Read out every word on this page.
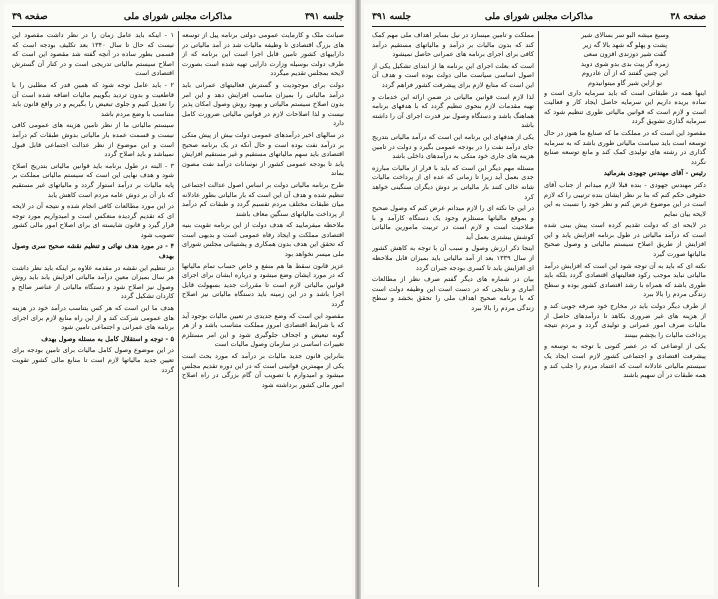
جلسه ۳۹۱
مذاکرات مجلس شورای ملی
صفحه ۳۹

صیانت ملک و کارمایت عمومی دولتی برنامه پیل از توسعه های بزرگ اقتصادی تا وظیفه مالیات شد در آمد مالیاتی در داراییهای کشور تامین قابل اجرا است این برنامه که از طرف دولت بوسیله وزارت دارایی تهیه شده است بصورت لایحه بمجلس تقدیم میگردد

دولت برای موجودیت و گسترش فعالیتهای عمرانی باید درآمد مالیاتی را بمیزان مناسب افزایش دهد و این امر بدون اصلاح سیستم مالیاتی و بهبود روش وصول امکان پذیر نیست و لذا اصلاحات لازم در قوانین مالیاتی ضرورت کامل دارد

در سالهای اخیر درآمدهای عمومی دولت بیش از پیش متکی بر درآمد نفت بوده است و حال آنکه در یک برنامه صحیح اقتصادی باید سهم مالیاتهای مستقیم و غیر مستقیم افزایش یابد تا بودجه عمومی کشور از نوسانات درآمد نفت مصون بماند

طرح برنامه مالیاتی دولت بر اساس اصول عدالت اجتماعی تنظیم شده و هدف آن این است که بار مالیاتی بطور عادلانه میان طبقات مختلف مردم تقسیم گردد و طبقات کم درآمد از پرداخت مالیاتهای سنگین معاف باشند

ملاحظه میفرمایید که هدف دولت از این برنامه تقویت بنیه اقتصادی مملکت و ایجاد رفاه عمومی است و بدیهی است که تحقق این هدف بدون همکاری و پشتیبانی مجلس شورای ملی میسر نخواهد بود

عزیز قانون سقط ها هم منفع و خاص حساب تمام مالیاتها که در مورد ایشان وضع میشود و درباره ایشان برای اجرای قوانین مالیاتی لازم است تا مقررات جدید بسهولت قابل اجرا باشد و در این زمینه باید دستگاه مالیاتی نیز اصلاح گردد

مقصود این است که وضع جدیدی در تعیین مالیات بوجود آید که با شرایط اقتصادی امروز مملکت متناسب باشد و از هر گونه تبعیض و اجحاف جلوگیری شود و این امر مستلزم تغییرات اساسی در سازمان وصول مالیات است

بنابراین قانون جدید مالیات بر درآمد که مورد بحث است یکی از مهمترین قوانینی است که در این دوره تقدیم مجلس میشود و امیدوارم با تصویب آن گام بزرگی در راه اصلاح امور مالی کشور برداشته شود

۱ - اینکه باید عامل زمان را در نظر داشت مقصود این نیست که حال تا سال ۱۳۴۰ بعد تکلیف بودجه است که قسمی بطور ساده در آنچه گفته شد مقصود این است که اصلاح سیستم مالیاتی تدریجی است و در کنار آن گسترش اقتصادی است

۲ - باید عامل توجه شود که همین قدر که مطلبی را با قاطعیت و بدون تردید بگوییم مالیات اضافه شده است آن را تعدیل کنیم و جلوی تبعیض را بگیریم و در واقع قانون باید متناسب با وضع مردم باشد

سیستم مالیاتی ما از نظر تامین هزینه های عمومی کافی نیست و قسمت عمده بار مالیاتی بدوش طبقات کم درآمد است و این موضوع از نظر عدالت اجتماعی قابل قبول نمیباشد و باید اصلاح گردد

۳ - البته در طول برنامه باید قوانین مالیاتی بتدریج اصلاح شود و هدف نهایی این است که سیستم مالیاتی مملکت بر پایه مالیات بر درآمد استوار گردد و مالیاتهای غیر مستقیم که بار آن بر دوش عامه مردم است کاهش یابد

در این مورد مطالعات کافی انجام شده و نتیجه آن در لایحه ای که تقدیم گردیده منعکس است و امیدواریم مورد توجه قرار گیرد و قانون شایسته ای برای اصلاح امور مالی کشور تصویب شود

۴ - در مورد هدف نهائی و تنظیم نقشه صحیح سری وصول بهدف

در تنظیم این نقشه در مقدمه علاوه بر اینکه باید نظر داشت هر سال بمیزان معین درآمد مالیاتی افزایش یابد باید روش وصول نیز اصلاح شود و دستگاه مالیاتی از عناصر صالح و کاردان تشکیل گردد

هدف ما این است که هر کس بتناسب درآمد خود در هزینه های عمومی شرکت کند و از این راه منابع لازم برای اجرای برنامه های عمرانی و اجتماعی تامین شود

۵ - توجه و استقلال کامل به مسئله وصول بهدف

در این موضوع وصول کامل مالیات برای تامین بودجه برای تعیین جدید مالیاتها لازم است تا منابع مالی کشور تقویت گردد

صفحه ۳۸
مذاکرات مجلس شورای ملی
جلسه ۳۹۱
وسیع میشه البو سر بسالای شیر
پشت و پهلو گه شهد بالا گه زیر
گفت شیر دوزندی افزون سعی
زمره گز پیت بدی بدو شوی دوید
این چنین گفتند که از آن عادروم
تو ازاین شیر گاو میتوانیدوم

اینها همه در طبقاتی است که باید سرمایه داری است و ساده بریده داریم این سرمایه حاصل ایجاد کار و فعالیت است و لازم است که قوانین مالیاتی طوری تنظیم شود که سرمایه گذاری تشویق گردد

مقصود این است که در مملکت ما که صنایع ما هنوز در حال توسعه است باید سیاست مالیاتی طوری باشد که به سرمایه گذاری در رشته های تولیدی کمک کند و مانع توسعه صنایع نگردد

رئیس - آقای مهندس جهودی بفرمائید

دکتر مهندس جهودی - بنده قبلا لازم میدانم از جناب آقای حقوقی حکم کنم که بنا بر نظر ایشان بنده ترتیبی را که لازم است در این موضوع عرض کنم و نظر خود را نسبت به این لایحه بیان نمایم

در لایحه ای که دولت تقدیم کرده است پیش بینی شده است که درآمد مالیاتی در طول برنامه افزایش یابد و این افزایش از طریق اصلاح سیستم مالیاتی و وصول صحیح مالیاتها صورت گیرد

نکته ای که باید به آن توجه شود این است که افزایش درآمد مالیاتی نباید موجب رکود فعالیتهای اقتصادی گردد بلکه باید طوری باشد که همراه با رشد اقتصادی کشور بوده و سطح زندگی مردم را بالا ببرد

از طرف دیگر دولت باید در مخارج خود صرفه جویی کند و از هزینه های غیر ضروری بکاهد تا درآمدهای حاصل از مالیات صرف امور عمرانی و تولیدی گردد و مردم نتیجه پرداخت مالیات را بچشم ببینند

یکی از اوضاعی که در عصر کنونی با توجه به توسعه و پیشرفت اقتصادی و اجتماعی کشور لازم است ایجاد یک سیستم مالیاتی عادلانه است که اعتماد مردم را جلب کند و همه طبقات در آن سهیم باشند

مملکت و تامین میسازد در نیل بسایر اهداف ملی مهم کمک کند که بدون مالیات بر درآمد و مالیاتهای مستقیم درآمد کافی برای اجرای برنامه های عمرانی حاصل نمیشود

است که بعلت اجرای این برنامه ها از ابتدای تشکیل یکی از اصول اساسی سیاست مالی دولت بوده است و هدف آن این است که منابع لازم برای پیشرفت کشور فراهم گردد

لذا لازم است قوانین مالیاتی در ضمن ارائه این خدمات و تهیه مقدمات لازم بنحوی تنظیم گردد که با هدفهای برنامه هماهنگ باشد و دستگاه وصول نیز قدرت اجرای آن را داشته باشد

یکی از هدفهای این برنامه این است که درآمد مالیاتی بتدریج جای درآمد نفت را در بودجه عمومی بگیرد و دولت در تامین هزینه های جاری خود متکی به درآمدهای داخلی باشد

مسئله مهم دیگر این است که باید با فرار از مالیات مبارزه جدی بعمل آید زیرا تا زمانی که عده ای از پرداخت مالیات شانه خالی کنند بار مالیاتی بر دوش دیگران سنگینی خواهد کرد

در این جا نکته ای را لازم میدانم عرض کنم که وصول صحیح و بموقع مالیاتها مستلزم وجود یک دستگاه کارآمد و با صلاحیت است و لازم است در تربیت مامورین مالیاتی کوشش بیشتری بعمل آید

اینجا ذکر ارزش وصول و سبب آن با توجه به کاهش کشور از سال ۱۳۳۹ بعد از آمد مالیاتی باید بمیزان قابل ملاحظه ای افزایش یابد تا کسری بودجه جبران گردد

بیان در شماره های دیگر گفتم صرف نظر از مطالعات آماری و نتایجی که در دست است این وظیفه دولت است که با برنامه صحیح اهداف ملی را تحقق بخشد و سطح زندگی مردم را بالا ببرد
